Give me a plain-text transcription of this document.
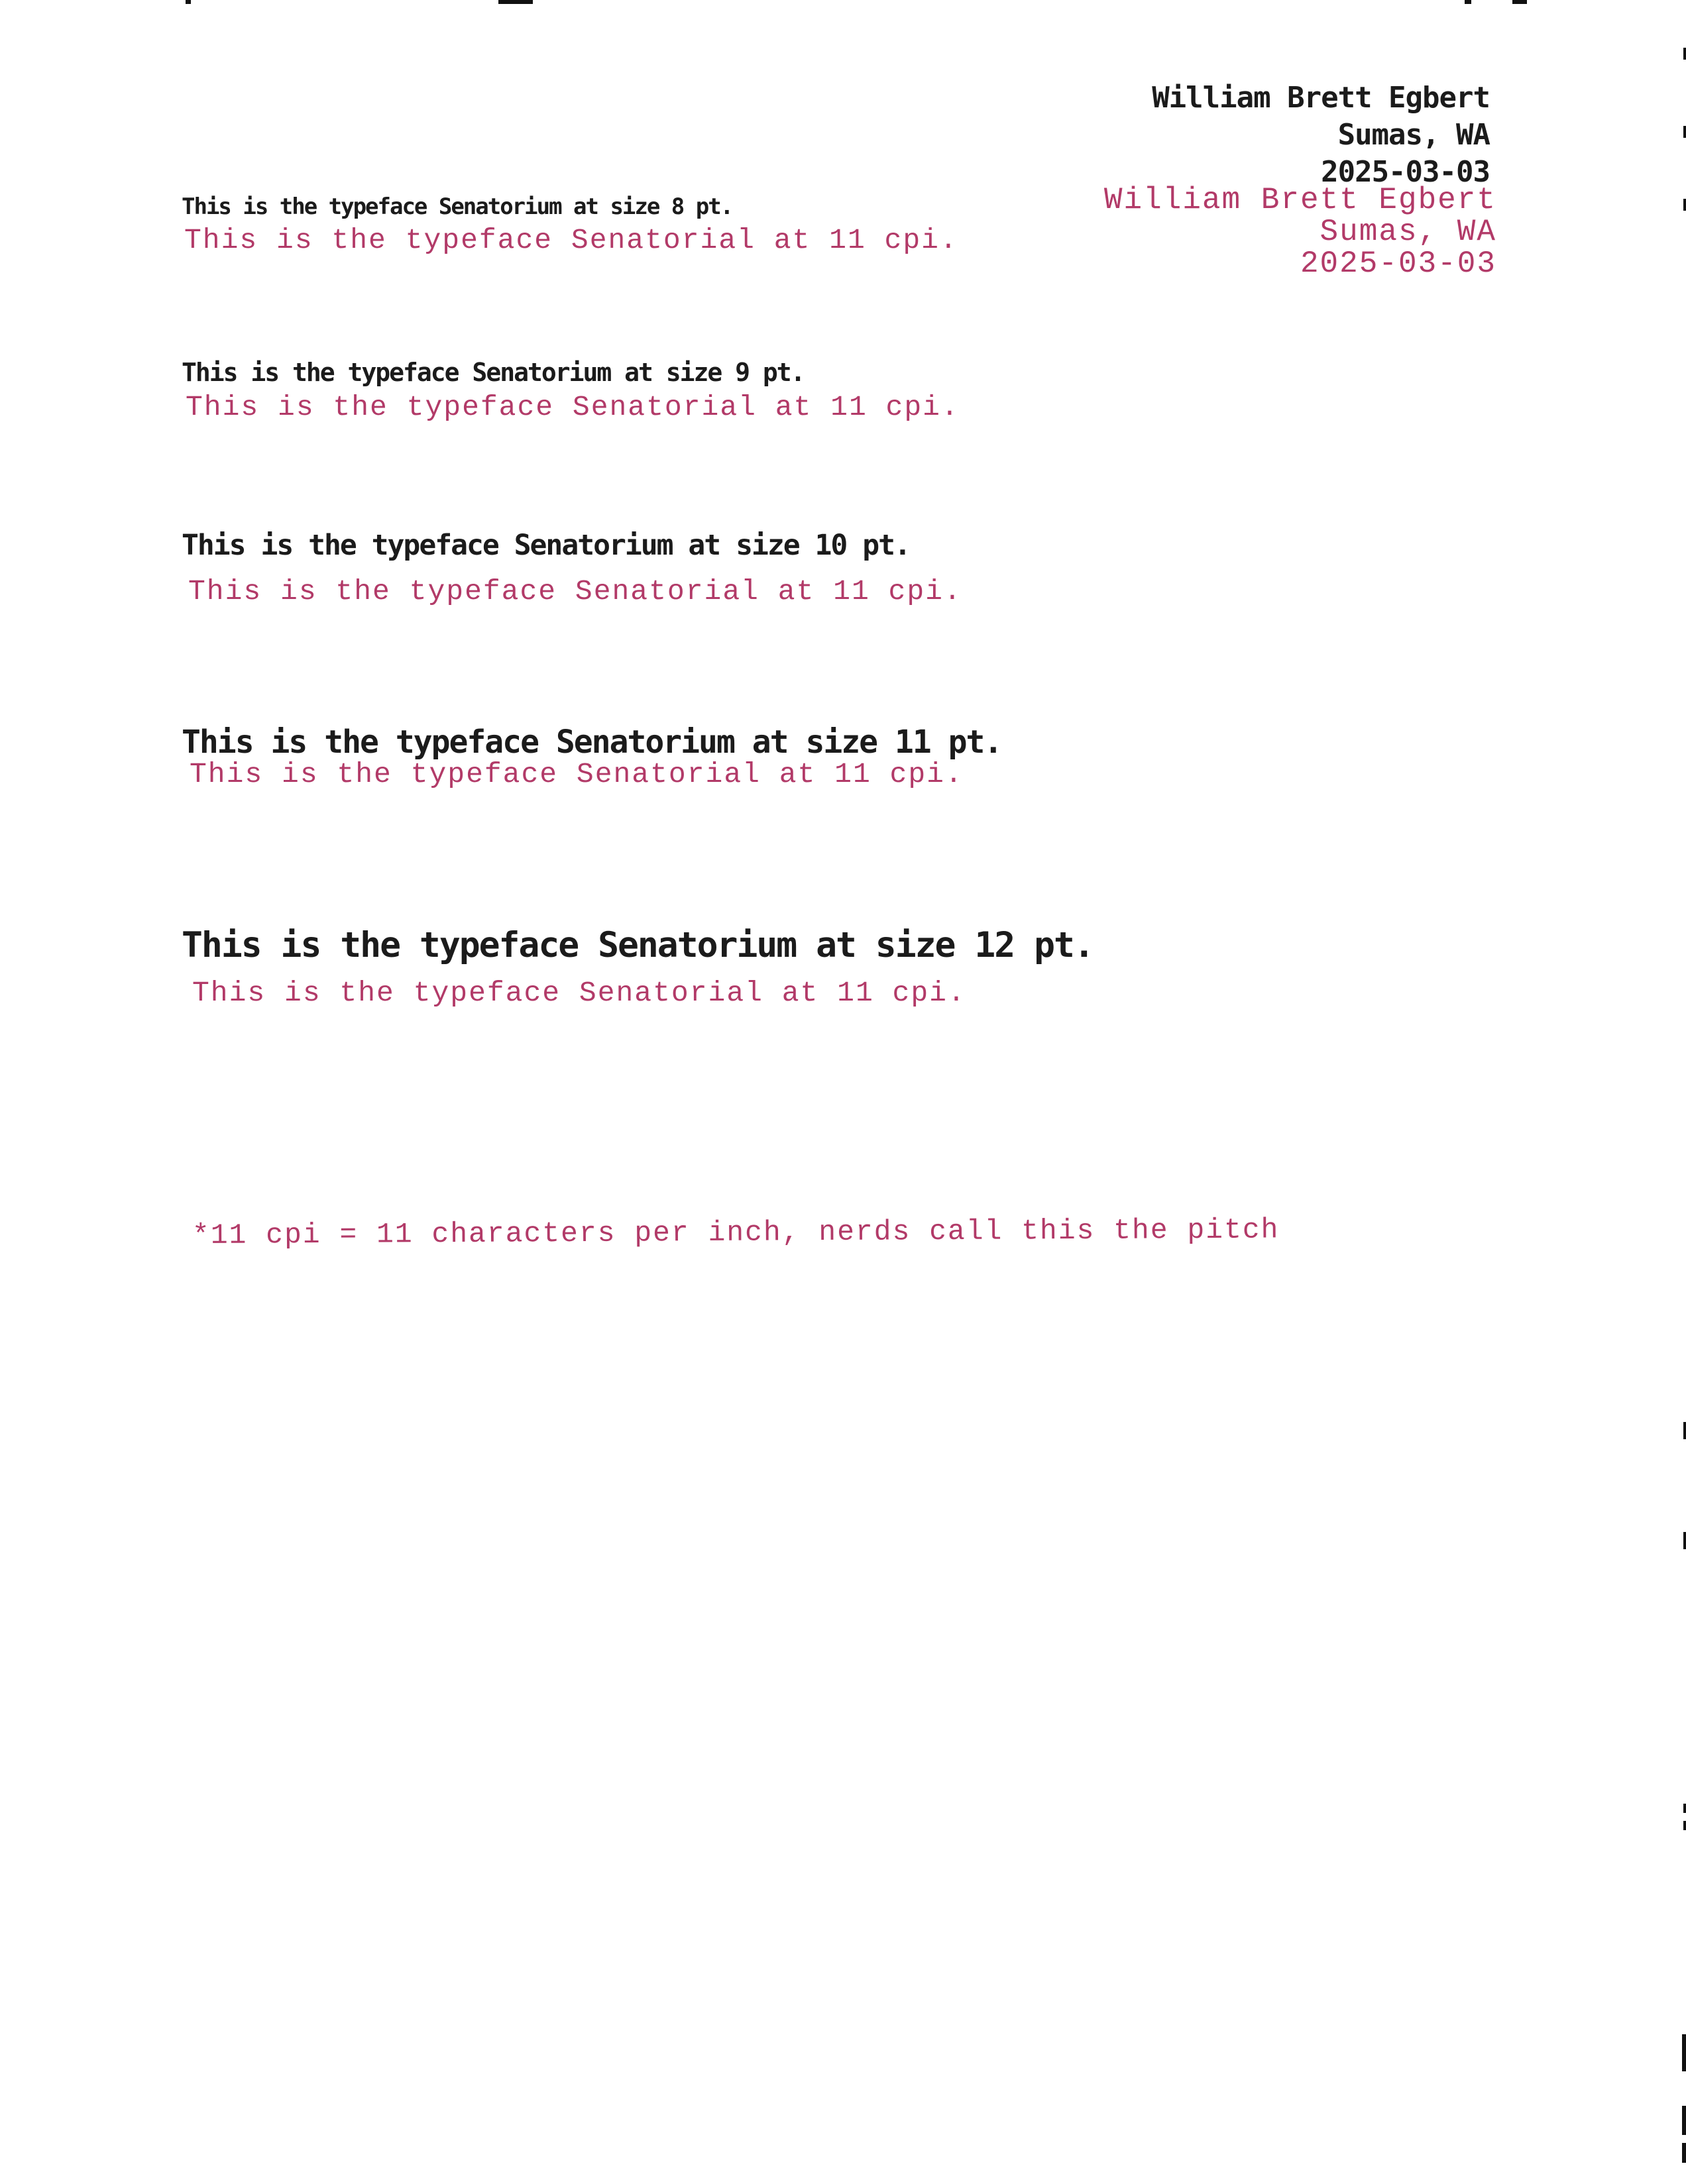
William Brett Egbert
Sumas, WA
2025-03-03
William Brett Egbert
Sumas, WA
2025-03-03
This is the typeface Senatorium at size 8 pt.
This is the typeface Senatorial at 11 cpi.
This is the typeface Senatorium at size 9 pt.
This is the typeface Senatorial at 11 cpi.
This is the typeface Senatorium at size 10 pt.
This is the typeface Senatorial at 11 cpi.
This is the typeface Senatorium at size 11 pt.
This is the typeface Senatorial at 11 cpi.
This is the typeface Senatorium at size 12 pt.
This is the typeface Senatorial at 11 cpi.
*11 cpi = 11 characters per inch, nerds call this the pitch
